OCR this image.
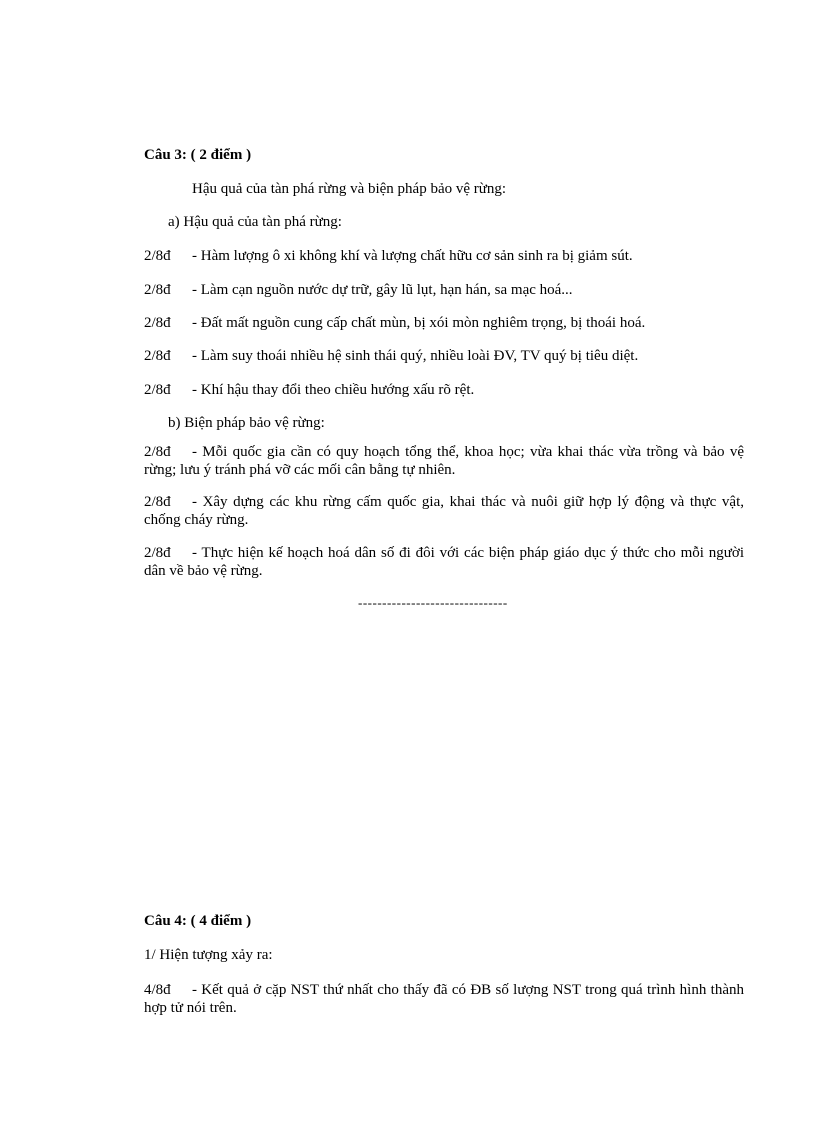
Câu 3: ( 2 điểm )
Hậu quả của tàn phá rừng và biện pháp bảo vệ rừng:
a) Hậu quả của tàn phá rừng:
2/8đ - Hàm lượng ô xi không khí và lượng chất hữu cơ sản sinh ra bị giảm sút.
2/8đ - Làm cạn nguồn nước dự trữ, gây lũ lụt, hạn hán, sa mạc hoá...
2/8đ - Đất mất nguồn cung cấp chất mùn, bị xói mòn nghiêm trọng, bị thoái hoá.
2/8đ - Làm suy thoái nhiều hệ sinh thái quý, nhiều loài ĐV, TV quý bị tiêu diệt.
2/8đ - Khí hậu thay đổi theo chiều hướng xấu rõ rệt.
b) Biện pháp bảo vệ rừng:
2/8đ - Mỗi quốc gia cần có quy hoạch tổng thể, khoa học; vừa khai thác vừa trồng và bảo vệ rừng; lưu ý tránh phá vỡ các mối cân bằng tự nhiên.
2/8đ - Xây dựng các khu rừng cấm quốc gia, khai thác và nuôi giữ hợp lý động và thực vật, chống cháy rừng.
2/8đ - Thực hiện kế hoạch hoá dân số đi đôi với các biện pháp giáo dục ý thức cho mỗi người dân về bảo vệ rừng.
-------------------------------
Câu 4: ( 4 điểm )
1/ Hiện tượng xảy ra:
4/8đ - Kết quả ở cặp NST thứ nhất cho thấy đã có ĐB số lượng NST trong quá trình hình thành hợp tử nói trên.
